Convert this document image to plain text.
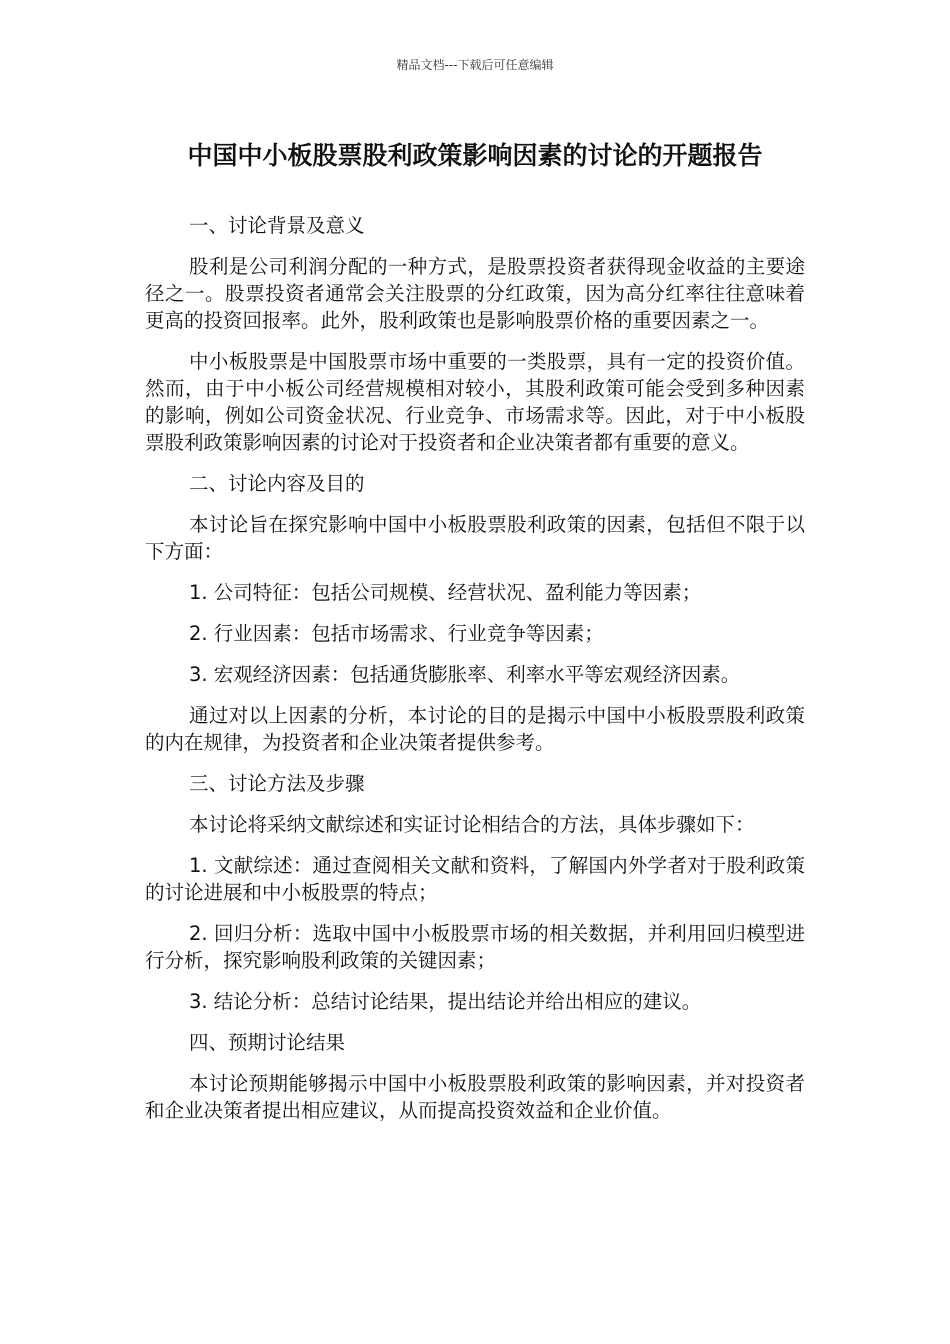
精品文档---下载后可任意编辑
中国中小板股票股利政策影响因素的讨论的开题报告

一、讨论背景及意义

股利是公司利润分配的一种方式，是股票投资者获得现金收益的主要途径之一。股票投资者通常会关注股票的分红政策，因为高分红率往往意味着更高的投资回报率。此外，股利政策也是影响股票价格的重要因素之一。

中小板股票是中国股票市场中重要的一类股票，具有一定的投资价值。然而，由于中小板公司经营规模相对较小，其股利政策可能会受到多种因素的影响，例如公司资金状况、行业竞争、市场需求等。因此，对于中小板股票股利政策影响因素的讨论对于投资者和企业决策者都有重要的意义。

二、讨论内容及目的

本讨论旨在探究影响中国中小板股票股利政策的因素，包括但不限于以下方面：

1. 公司特征：包括公司规模、经营状况、盈利能力等因素；

2. 行业因素：包括市场需求、行业竞争等因素；

3. 宏观经济因素：包括通货膨胀率、利率水平等宏观经济因素。

通过对以上因素的分析，本讨论的目的是揭示中国中小板股票股利政策的内在规律，为投资者和企业决策者提供参考。

三、讨论方法及步骤

本讨论将采纳文献综述和实证讨论相结合的方法，具体步骤如下：

1. 文献综述：通过查阅相关文献和资料，了解国内外学者对于股利政策的讨论进展和中小板股票的特点；

2. 回归分析：选取中国中小板股票市场的相关数据，并利用回归模型进行分析，探究影响股利政策的关键因素；

3. 结论分析：总结讨论结果，提出结论并给出相应的建议。

四、预期讨论结果

本讨论预期能够揭示中国中小板股票股利政策的影响因素，并对投资者和企业决策者提出相应建议，从而提高投资效益和企业价值。
